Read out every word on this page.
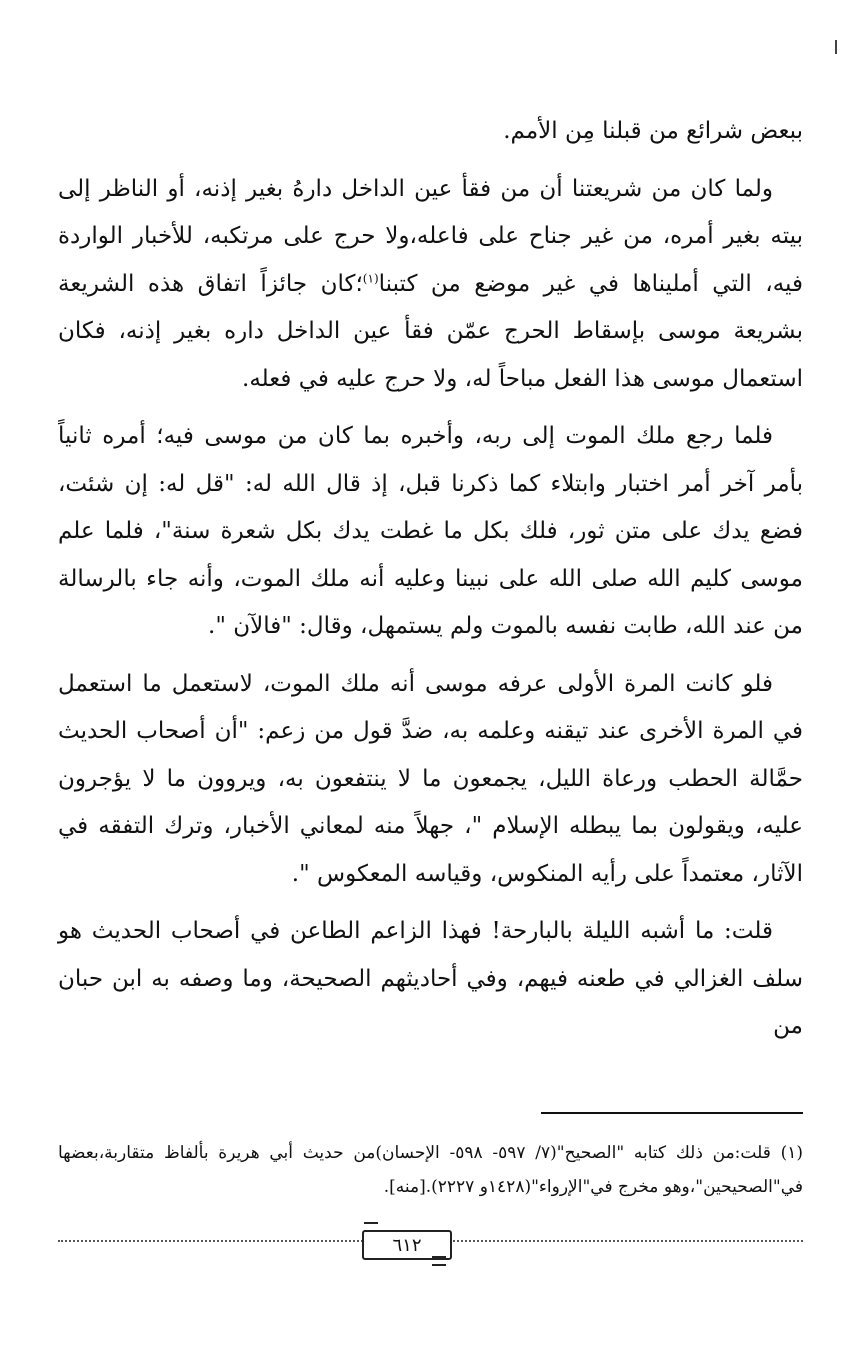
ببعض شرائع من قبلنا مِن الأمم.

ولما كان من شريعتنا أن من فقأ عين الداخل دارهُ بغير إذنه، أو الناظر إلى بيته بغير أمره، من غير جناح على فاعله،ولا حرج على مرتكبه، للأخبار الواردة فيه، التي أمليناها في غير موضع من كتبنا$^{(١)}$؛كان جائزاً اتفاق هذه الشريعة بشريعة موسى بإسقاط الحرج عمّن فقأ عين الداخل داره بغير إذنه، فكان استعمال موسى هذا الفعل مباحاً له، ولا حرج عليه في فعله.

فلما رجع ملك الموت إلى ربه، وأخبره بما كان من موسى فيه؛ أمره ثانياً بأمر آخر أمر اختبار وابتلاء كما ذكرنا قبل، إذ قال الله له: "قل له: إن شئت، فضع يدك على متن ثور، فلك بكل ما غطت يدك بكل شعرة سنة"، فلما علم موسى كليم الله صلى الله على نبينا وعليه أنه ملك الموت، وأنه جاء بالرسالة من عند الله، طابت نفسه بالموت ولم يستمهل، وقال: "فالآن ".

فلو كانت المرة الأولى عرفه موسى أنه ملك الموت، لاستعمل ما استعمل في المرة الأخرى عند تيقنه وعلمه به، ضدَّ قول من زعم: "أن أصحاب الحديث حمَّالة الحطب ورعاة الليل، يجمعون ما لا ينتفعون به، ويروون ما لا يؤجرون عليه، ويقولون بما يبطله الإسلام "، جهلاً منه لمعاني الأخبار، وترك التفقه في الآثار، معتمداً على رأيه المنكوس، وقياسه المعكوس ".

قلت: ما أشبه الليلة بالبارحة! فهذا الزاعم الطاعن في أصحاب الحديث هو سلف الغزالي في طعنه فيهم، وفي أحاديثهم الصحيحة، وما وصفه به ابن حبان من

(١) قلت:من ذلك كتابه "الصحيح"(٧/ ٥٩٧- ٥٩٨- الإحسان)من حديث أبي هريرة بألفاظ متقاربة،بعضها في"الصحيحين"،وهو مخرج في"الإرواء"(١٤٢٨و ٢٢٢٧).[منه].
٦١٢
